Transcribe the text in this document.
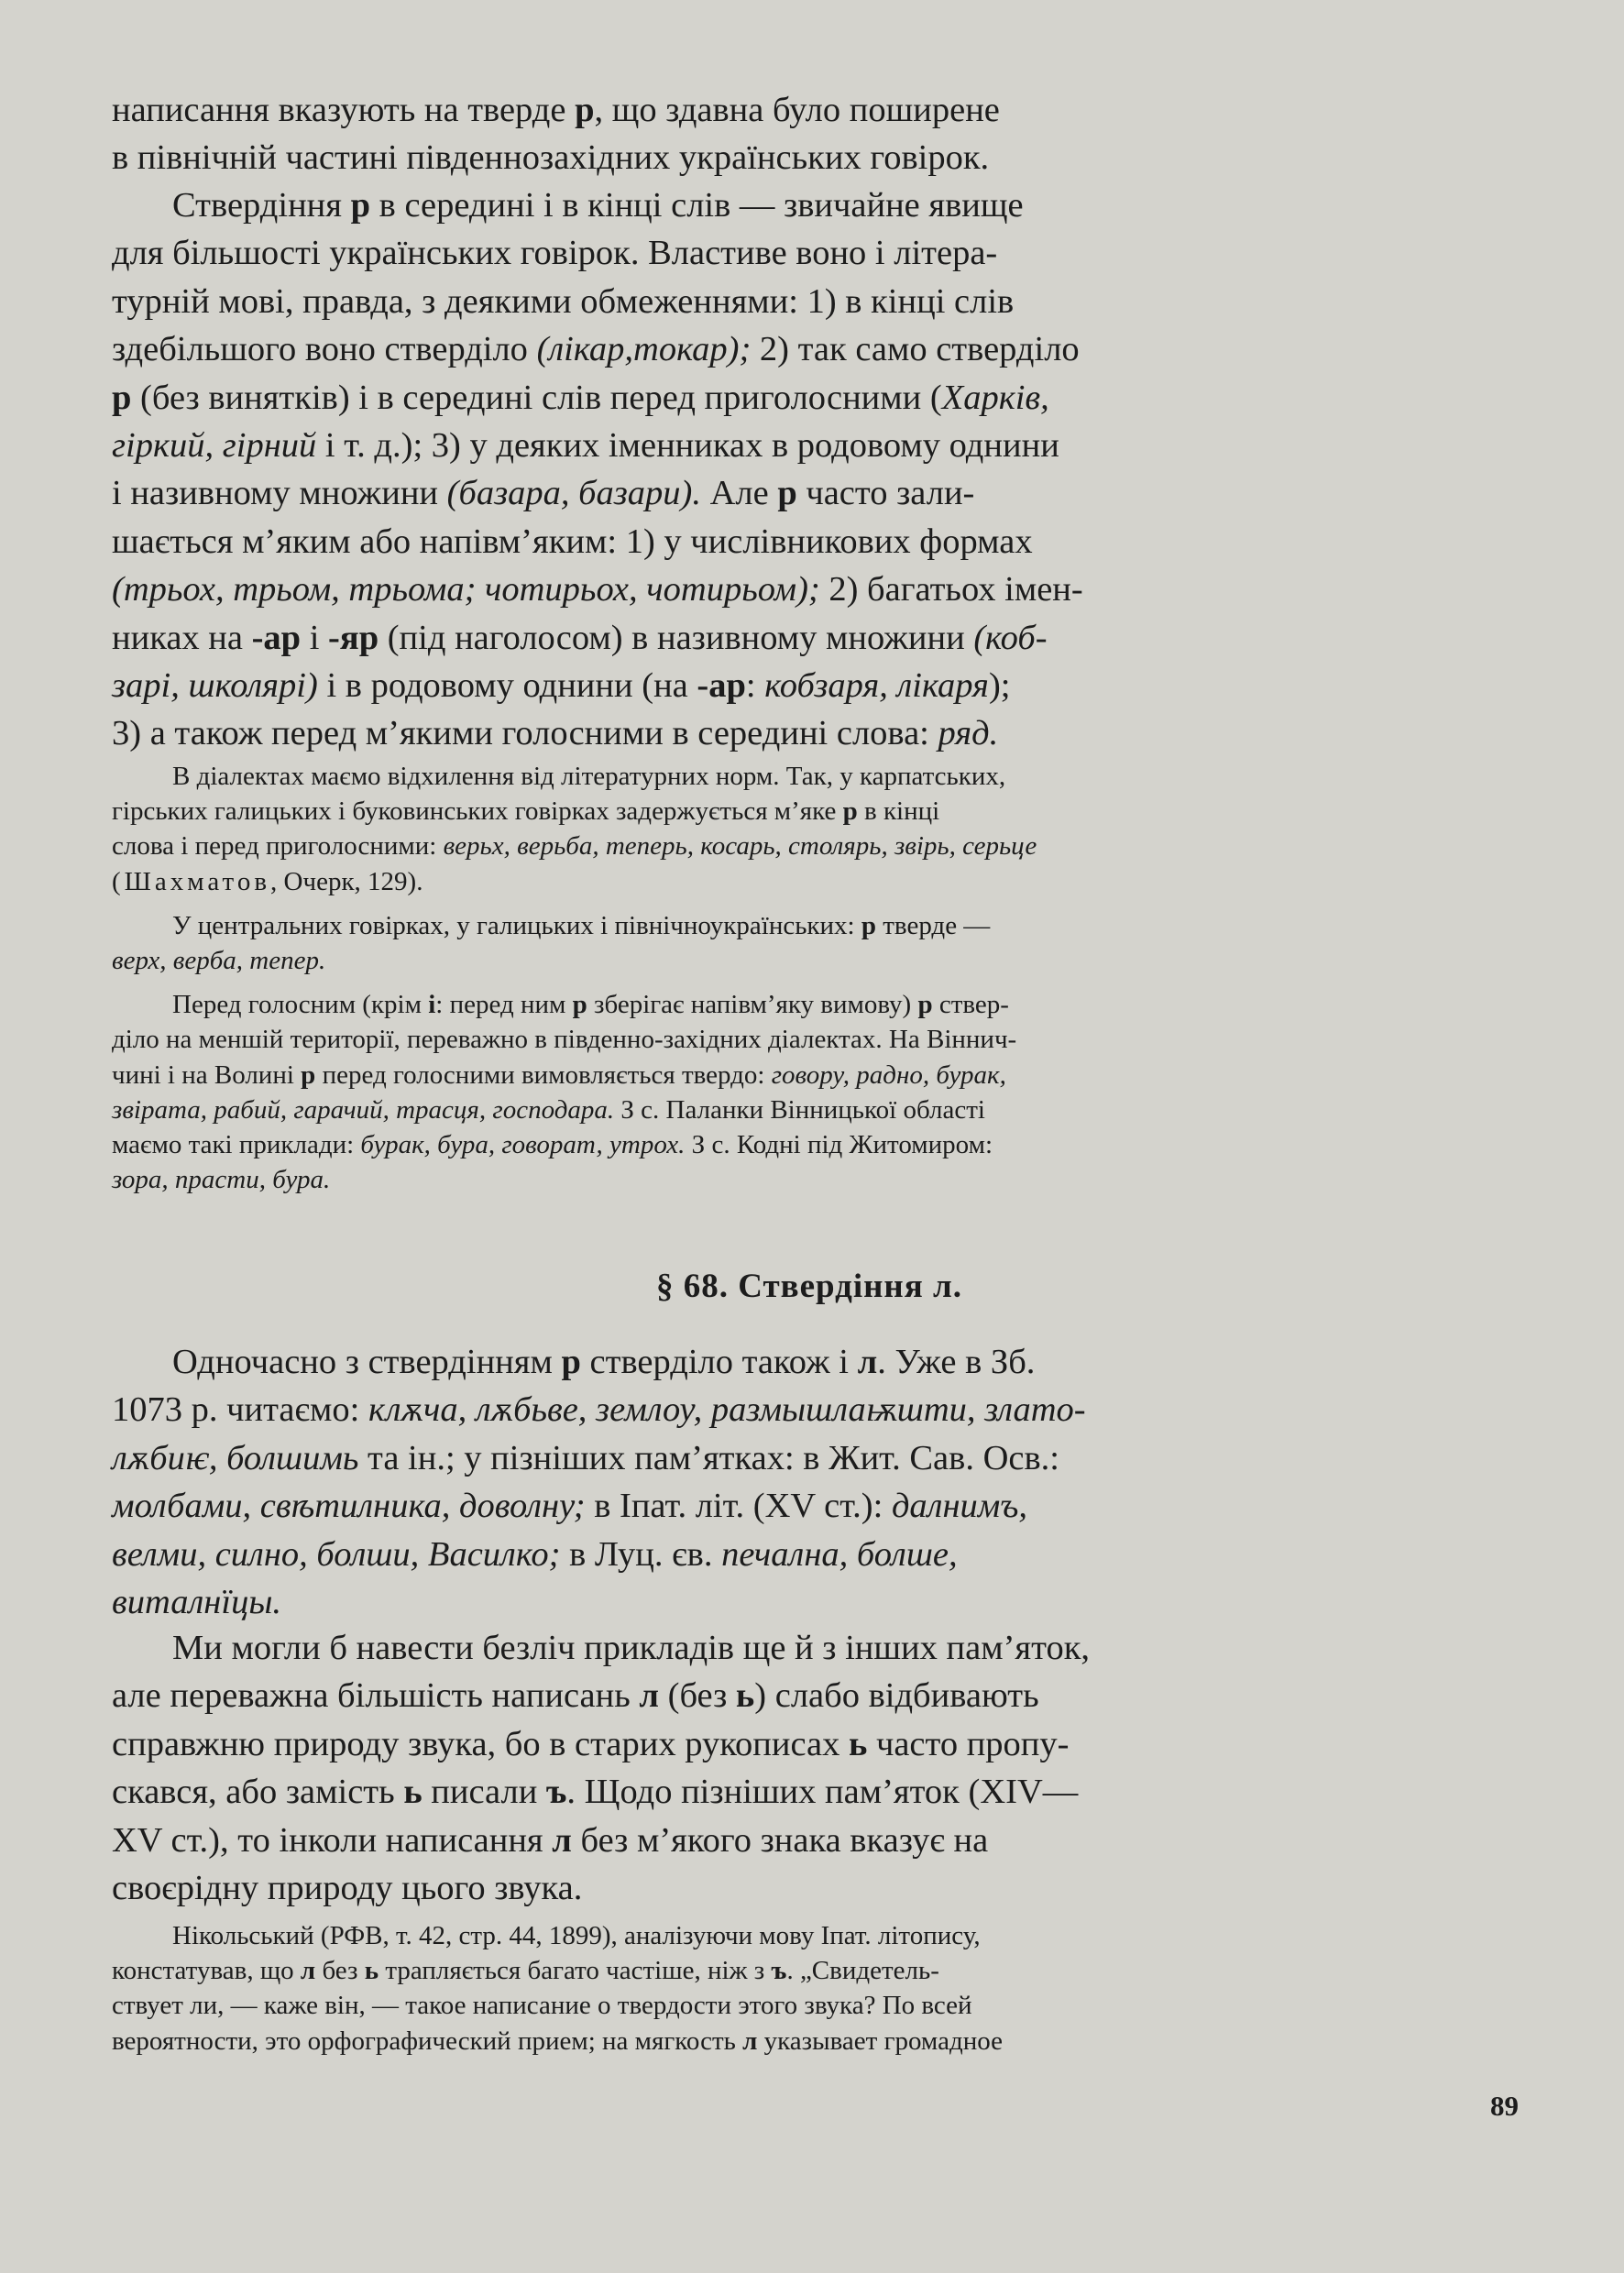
написання вказують на тверде р, що здавна було поширене
в північній частині південнозахідних українських говірок.

Ствердіння р в середині і в кінці слів — звичайне явище
для більшості українських говірок. Властиве воно і літера-
турній мові, правда, з деякими обмеженнями: 1) в кінці слів
здебільшого воно стверділо (лікар,токар); 2) так само стверділо
р (без винятків) і в середині слів перед приголосними (Харків,
гіркий, гірний і т. д.); 3) у деяких іменниках в родовому однини
і називному множини (базара, базари). Але р часто зали-
шається м’яким або напівм’яким: 1) у числівникових формах
(трьох, трьом, трьома; чотирьох, чотирьом); 2) багатьох імен-
никах на -ар і -яр (під наголосом) в називному множини (коб-
зарі, школярі) і в родовому однини (на -ар: кобзаря, лікаря);
3) а також перед м’якими голосними в середині слова: ряд.

В діалектах маємо відхилення від літературних норм. Так, у карпатських,
гірських галицьких і буковинських говірках задержується м’яке р в кінці
слова і перед приголосними: верьх, верьба, теперь, косарь, столярь, звірь, серьце
(Шахматов, Очерк, 129).

У центральних говірках, у галицьких і північноукраїнських: р тверде —
верх, верба, тепер.

Перед голосним (крім і: перед ним р зберігає напівм’яку вимову) р ствер-
діло на меншій території, переважно в південно-західних діалектах. На Віннич-
чині і на Волині р перед голосними вимовляється твердо: говору, радно, бурак,
звірата, рабий, гарачий, трасця, господара. З с. Паланки Вінницької області
маємо такі приклади: бурак, бура, говорат, утрох. З с. Кодні під Житомиром:
зора, прасти, бура.

§ 68. Ствердіння л.

Одночасно з ствердінням р стверділо також і л. Уже в Зб.
1073 р. читаємо: клѫча, лѫбьве, землоу, размышлаѭшти, злато-
лѫбиѥ, болшимь та ін.; у пізніших пам’ятках: в Жит. Сав. Осв.:
молбами, свѣтилника, доволну; в Іпат. літ. (XV ст.): далнимъ,
велми, силно, болши, Василко; в Луц. єв. печална, болше,
виталнїцы.

Ми могли б навести безліч прикладів ще й з інших пам’яток,
але переважна більшість написань л (без ь) слабо відбивають
справжню природу звука, бо в старих рукописах ь часто пропу-
скався, або замість ь писали ъ. Щодо пізніших пам’яток (XIV—
XV ст.), то інколи написання л без м’якого знака вказує на
своєрідну природу цього звука.

Нікольський (РФВ, т. 42, стр. 44, 1899), аналізуючи мову Іпат. літопису,
констатував, що л без ь трапляється багато частіше, ніж з ъ. „Свидетель-
ствует ли, — каже він, — такое написание о твердости этого звука? По всей
вероятности, это орфографический прием; на мягкость л указывает громадное

89
